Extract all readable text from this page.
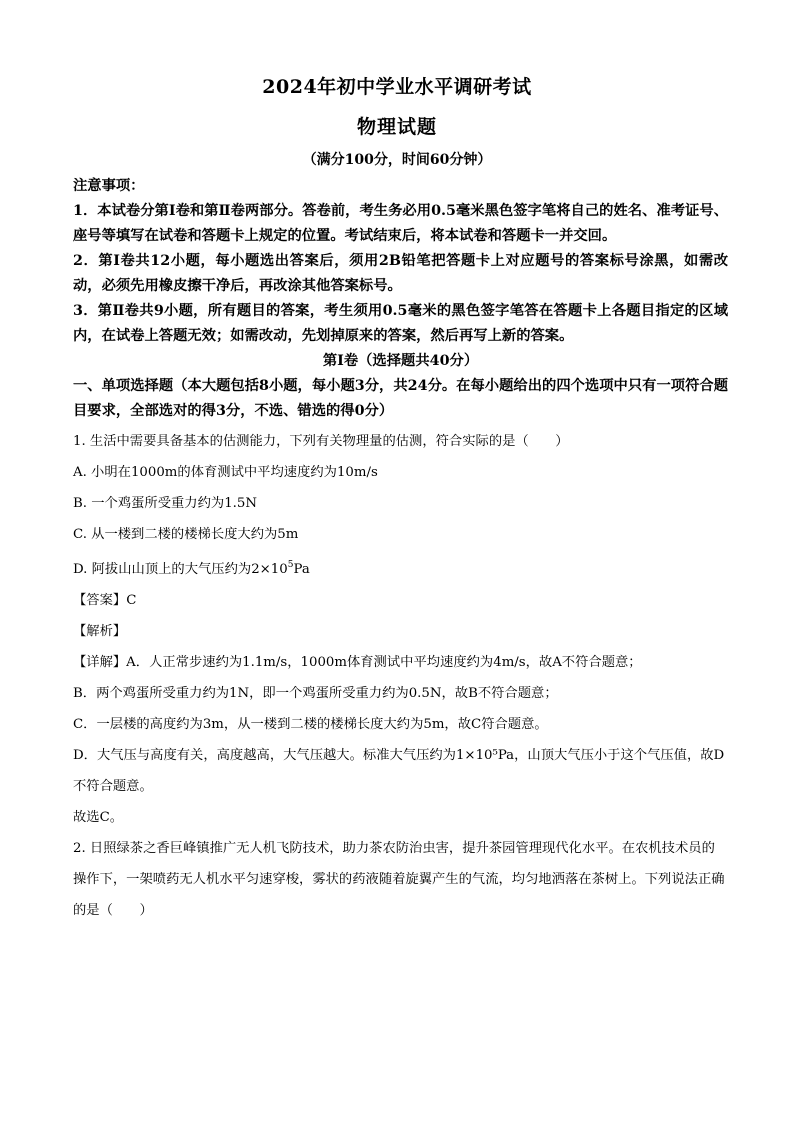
2024年初中学业水平调研考试
物理试题
（满分100分，时间60分钟）
注意事项：
1．本试卷分第Ⅰ卷和第Ⅱ卷两部分。答卷前，考生务必用0.5毫米黑色签字笔将自己的姓名、准考证号、座号等填写在试卷和答题卡上规定的位置。考试结束后，将本试卷和答题卡一并交回。
2．第Ⅰ卷共12小题，每小题选出答案后，须用2B铅笔把答题卡上对应题号的答案标号涂黑，如需改动，必须先用橡皮擦干净后，再改涂其他答案标号。
3．第Ⅱ卷共9小题，所有题目的答案，考生须用0.5毫米的黑色签字笔答在答题卡上各题目指定的区域内，在试卷上答题无效；如需改动，先划掉原来的答案，然后再写上新的答案。
第Ⅰ卷（选择题共40分）
一、单项选择题（本大题包括8小题，每小题3分，共24分。在每小题给出的四个选项中只有一项符合题目要求，全部选对的得3分，不选、错选的得0分）
1. 生活中需要具备基本的估测能力，下列有关物理量的估测，符合实际的是（　　）
A. 小明在1000m的体育测试中平均速度约为10m/s
B. 一个鸡蛋所受重力约为1.5N
C. 从一楼到二楼的楼梯长度大约为5m
D. 阿拔山山顶上的大气压约为$2\times 10^5Pa$
【答案】C
【解析】
【详解】A．人正常步速约为1.1m/s，1000m体育测试中平均速度约为4m/s，故A不符合题意；
B．两个鸡蛋所受重力约为1N，即一个鸡蛋所受重力约为0.5N，故B不符合题意；
C．一层楼的高度约为3m，从一楼到二楼的楼梯长度大约为5m，故C符合题意。
D．大气压与高度有关，高度越高，大气压越大。标准大气压约为1×10⁵Pa，山顶大气压小于这个气压值，故D不符合题意。
故选C。
2. 日照绿茶之香巨峰镇推广无人机飞防技术，助力茶农防治虫害，提升茶园管理现代化水平。在农机技术员的操作下，一架喷药无人机水平匀速穿梭，雾状的药液随着旋翼产生的气流，均匀地洒落在茶树上。下列说法正确的是（　　）
